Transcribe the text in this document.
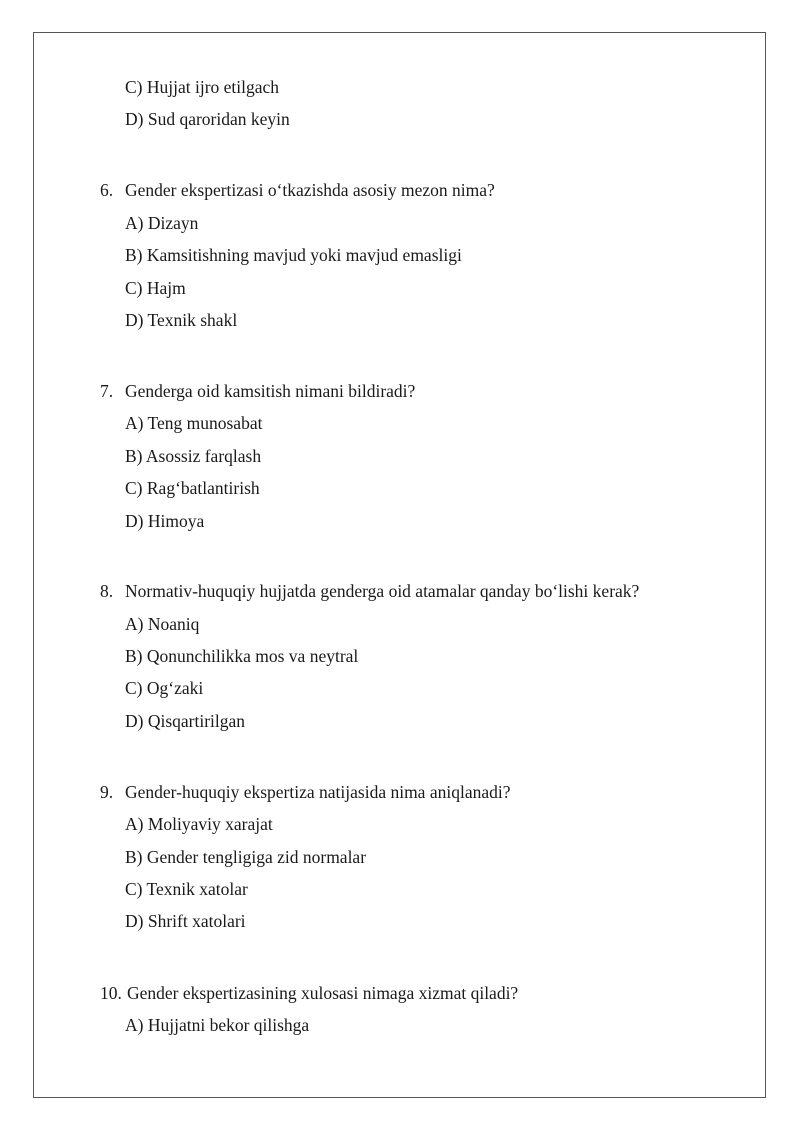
C) Hujjat ijro etilgach
D) Sud qaroridan keyin
6. Gender ekspertizasi o‘tkazishda asosiy mezon nima?
A) Dizayn
B) Kamsitishning mavjud yoki mavjud emasligi
C) Hajm
D) Texnik shakl
7. Genderga oid kamsitish nimani bildiradi?
A) Teng munosabat
B) Asossiz farqlash
C) Rag‘batlantirish
D) Himoya
8. Normativ-huquqiy hujjatda genderga oid atamalar qanday bo‘lishi kerak?
A) Noaniq
B) Qonunchilikka mos va neytral
C) Og‘zaki
D) Qisqartirilgan
9. Gender-huquqiy ekspertiza natijasida nima aniqlanadi?
A) Moliyaviy xarajat
B) Gender tengligiga zid normalar
C) Texnik xatolar
D) Shrift xatolari
10. Gender ekspertizasining xulosasi nimaga xizmat qiladi?
A) Hujjatni bekor qilishga
